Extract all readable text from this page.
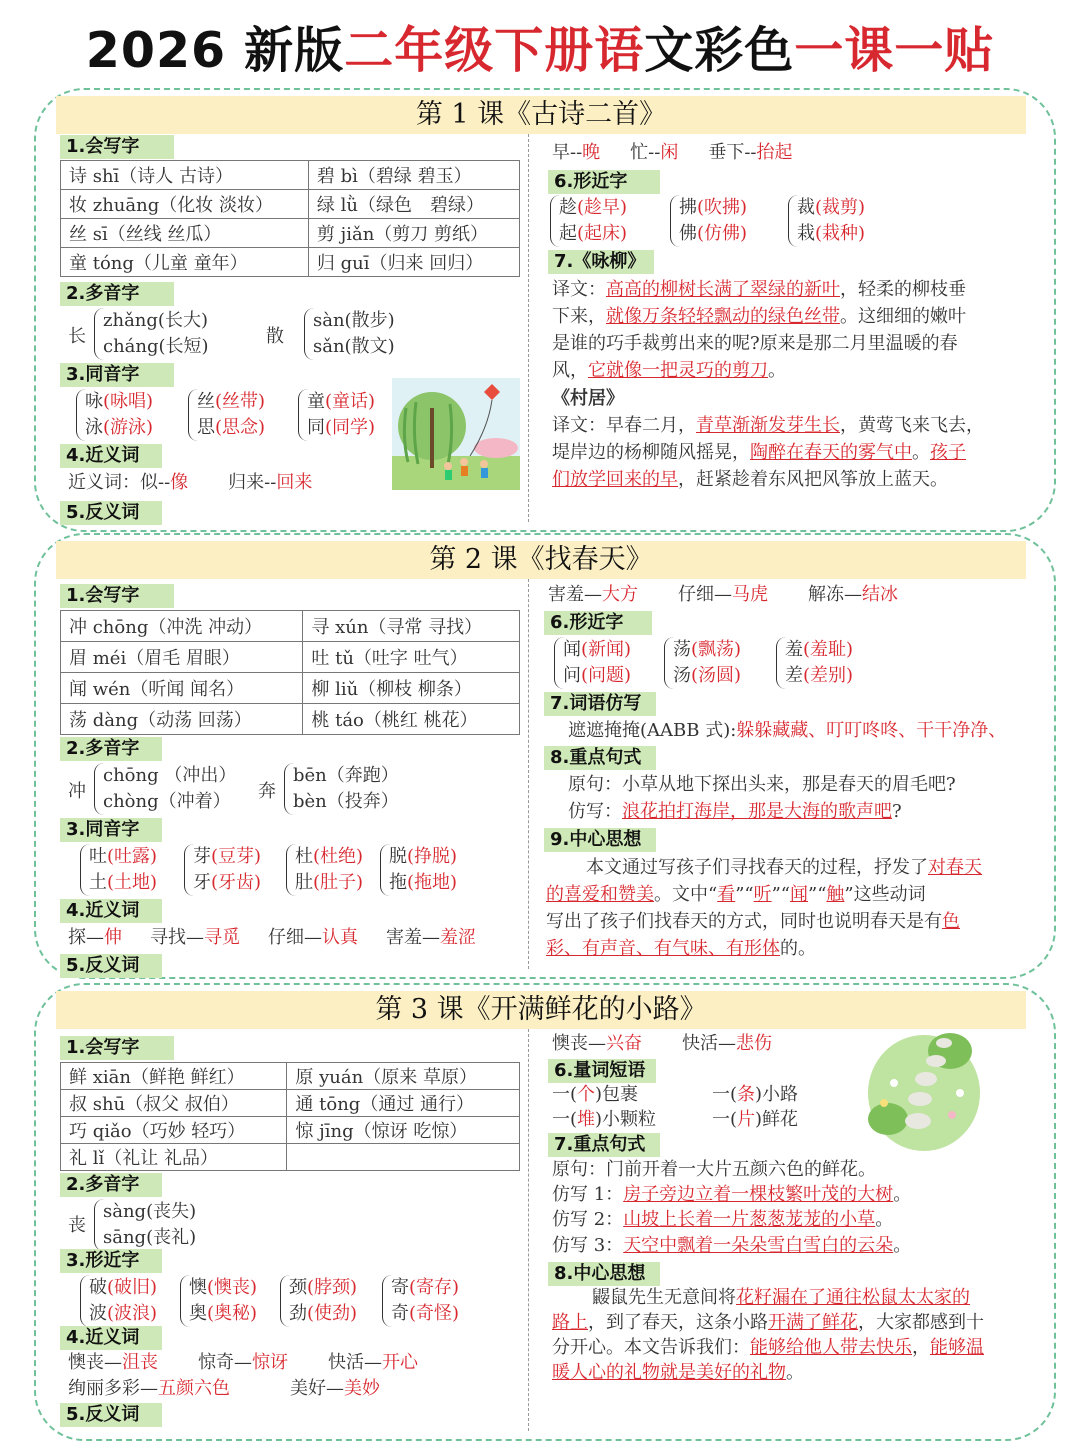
2026 新版二年级下册语文彩色一课一贴
第 1 课《古诗二首》
1.会写字
诗 shī（诗人 古诗）	碧 bì（碧绿 碧玉）
妆 zhuāng（化妆 淡妆）	绿 lǜ（绿色　碧绿）
丝 sī（丝线 丝瓜）	剪 jiǎn（剪刀 剪纸）
童 tóng（儿童 童年）	归 guī（归来 回归）
2.多音字
长
zhǎng(长大)
cháng(长短)	散
sàn(散步)
sǎn(散文)
3.同音字
咏(咏唱)
泳(游泳)
丝(丝带)
思(思念)
童(童话)
同(同学)
4.近义词
近义词：似--像 归来--回来
5.反义词
早--晚 忙--闲 垂下--抬起
6.形近字
趁(趁早)
起(起床)
拂(吹拂)
佛(仿佛)
裁(裁剪)
栽(栽种)
7.《咏柳》
译文：高高的柳树长满了翠绿的新叶，轻柔的柳枝垂
下来，就像万条轻轻飘动的绿色丝带。这细细的嫩叶
是谁的巧手裁剪出来的呢?原来是那二月里温暖的春
风，它就像一把灵巧的剪刀。
《村居》
译文：早春二月，青草渐渐发芽生长，黄莺飞来飞去，
堤岸边的杨柳随风摇晃，陶醉在春天的雾气中。孩子
们放学回来的早，赶紧趁着东风把风筝放上蓝天。
第 2 课《找春天》
1.会写字
冲 chōng（冲洗 冲动）	寻 xún（寻常 寻找）
眉 méi（眉毛 眉眼）	吐 tǔ（吐字 吐气）
闻 wén（听闻 闻名）	柳 liǔ（柳枝 柳条）
荡 dàng（动荡 回荡）	桃 táo（桃红 桃花）
2.多音字
冲
chōng （冲出）
chòng（冲着）	奔
bēn（奔跑）
bèn（投奔）
3.同音字
吐(吐露)
土(土地)
芽(豆芽)
牙(牙齿)
杜(杜绝)
肚(肚子)
脱(挣脱)
拖(拖地)
4.近义词
探—伸 寻找—寻觅 仔细—认真 害羞—羞涩
5.反义词
害羞—大方 仔细—马虎 解冻—结冰
6.形近字
闻(新闻)
问(问题)
荡(飘荡)
汤(汤圆)
羞(羞耻)
差(差别)
7.词语仿写
遮遮掩掩(AABB 式):躲躲藏藏、叮叮咚咚、干干净净、
8.重点句式
原句：小草从地下探出头来，那是春天的眉毛吧?
仿写：浪花拍打海岸，那是大海的歌声吧?
9.中心思想
本文通过写孩子们寻找春天的过程，抒发了对春天
的喜爱和赞美。文中“看”“听”“闻”“触”这些动词
写出了孩子们找春天的方式，同时也说明春天是有色
彩、有声音、有气味、有形体的。
第 3 课《开满鲜花的小路》
1.会写字
鲜 xiān（鲜艳 鲜红）	原 yuán（原来 草原）
叔 shū（叔父 叔伯）	通 tōng（通过 通行）
巧 qiǎo（巧妙 轻巧）	惊 jīng（惊讶 吃惊）
礼 lǐ（礼让 礼品）	
2.多音字
丧
sàng(丧失)
sāng(丧礼)
3.形近字
破(破旧)
波(波浪)
懊(懊丧)
奥(奥秘)
颈(脖颈)
劲(使劲)
寄(寄存)
奇(奇怪)
4.近义词
懊丧—沮丧 惊奇—惊讶 快活—开心
绚丽多彩—五颜六色	美好—美妙
5.反义词
懊丧—兴奋 快活—悲伤
6.量词短语
一(个)包裹	一(条)小路
一(堆)小颗粒	一(片)鲜花
7.重点句式
原句：门前开着一大片五颜六色的鲜花。
仿写 1：房子旁边立着一棵枝繁叶茂的大树。
仿写 2：山坡上长着一片葱葱茏茏的小草。
仿写 3：天空中飘着一朵朵雪白雪白的云朵。
8.中心思想
鼹鼠先生无意间将花籽漏在了通往松鼠太太家的
路上，到了春天，这条小路开满了鲜花，大家都感到十
分开心。本文告诉我们：能够给他人带去快乐，能够温
暖人心的礼物就是美好的礼物。
